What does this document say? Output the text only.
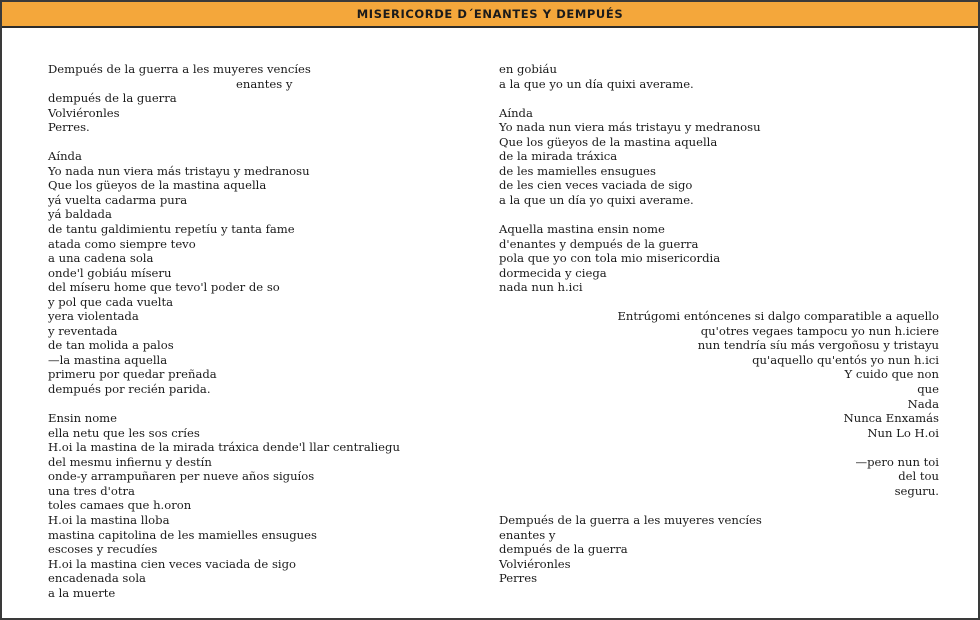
MISERICORDE D´ENANTES Y DEMPUÉS
Dempués de la guerra a les muyeres vencíes
enantes y
dempués de la guerra
Volviéronles
Perres.
Aínda
Yo nada nun viera más tristayu y medranosu
Que los güeyos de la mastina aquella
yá vuelta cadarma pura
yá baldada
de tantu galdimientu repetíu y tanta fame
atada como siempre tevo
a una cadena sola
onde'l gobiáu míseru
del míseru home que tevo'l poder de so
y pol que cada vuelta
yera violentada
y reventada
de tan molida a palos
—la mastina aquella
primeru por quedar preñada
dempués por recién parida.
Ensin nome
ella netu que les sos críes
H.oi la mastina de la mirada tráxica dende'l llar centraliegu
del mesmu infiernu y destín
onde-y arrampuñaren per nueve años siguíos
una tres d'otra
toles camaes que h.oron
H.oi la mastina lloba
mastina capitolina de les mamielles ensugues
escoses y recudíes
H.oi la mastina cien veces vaciada de sigo
encadenada sola
a la muerte
en gobiáu
a la que yo un día quixi averame.
Aínda
Yo nada nun viera más tristayu y medranosu
Que los güeyos de la mastina aquella
de la mirada tráxica
de les mamielles ensugues
de les cien veces vaciada de sigo
a la que un día yo quixi averame.
Aquella mastina ensin nome
d'enantes y dempués de la guerra
pola que yo con tola mio misericordia
dormecida y ciega
nada nun h.ici
Entrúgomi entóncenes si dalgo comparatible a aquello
qu'otres vegaes tampocu yo nun h.iciere
nun tendría síu más vergoñosu y tristayu
qu'aquello qu'entós yo nun h.ici
Y cuido que non
que
Nada
Nunca Enxamás
Nun Lo H.oi
—pero nun toi
del tou
seguru.
Dempués de la guerra a les muyeres vencíes
enantes y
dempués de la guerra
Volviéronles
Perres
